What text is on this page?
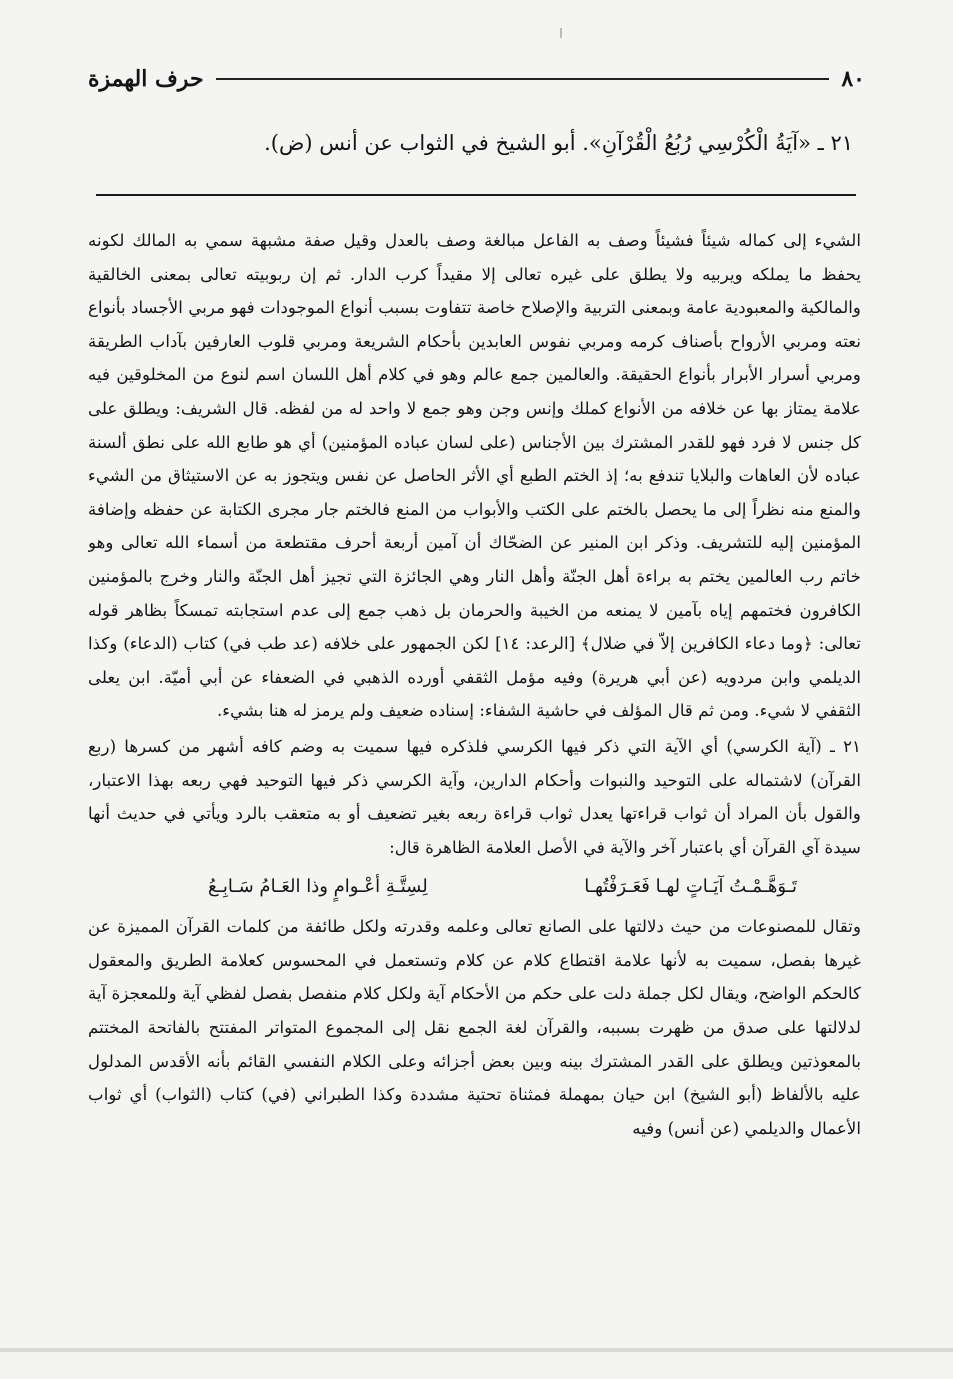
٨٠
حرف الهمزة
٢١ ـ «آيَةُ الْكُرْسِي رُبُعُ الْقُرْآنِ». أبو الشيخ في الثواب عن أنس (ض).

الشيء إلى كماله شيئاً فشيئاً وصف به الفاعل مبالغة وصف بالعدل وقيل صفة مشبهة سمي به المالك لكونه يحفظ ما يملكه ويربيه ولا يطلق على غيره تعالى إلا مقيداً كرب الدار. ثم إن ربوبيته تعالى بمعنى الخالقية والمالكية والمعبودية عامة وبمعنى التربية والإصلاح خاصة تتفاوت بسبب أنواع الموجودات فهو مربي الأجساد بأنواع نعته ومربي الأرواح بأصناف كرمه ومربي نفوس العابدين بأحكام الشريعة ومربي قلوب العارفين بآداب الطريقة ومربي أسرار الأبرار بأنواع الحقيقة. والعالمين جمع عالم وهو في كلام أهل اللسان اسم لنوع من المخلوقين فيه علامة يمتاز بها عن خلافه من الأنواع كملك وإنس وجن وهو جمع لا واحد له من لفظه. قال الشريف: ويطلق على كل جنس لا فرد فهو للقدر المشترك بين الأجناس (على لسان عباده المؤمنين) أي هو طابع الله على نطق ألسنة عباده لأن العاهات والبلايا تندفع به؛ إذ الختم الطبع أي الأثر الحاصل عن نفس ويتجوز به عن الاستيثاق من الشيء والمنع منه نظراً إلى ما يحصل بالختم على الكتب والأبواب من المنع فالختم جار مجرى الكتابة عن حفظه وإضافة المؤمنين إليه للتشريف. وذكر ابن المنير عن الضحّاك أن آمين أربعة أحرف مقتطعة من أسماء الله تعالى وهو خاتم رب العالمين يختم به براءة أهل الجنّة وأهل النار وهي الجائزة التي تجيز أهل الجنّة والنار وخرج بالمؤمنين الكافرون فختمهم إياه بآمين لا يمنعه من الخيبة والحرمان بل ذهب جمع إلى عدم استجابته تمسكاً بظاهر قوله تعالى: ﴿وما دعاء الكافرين إلاّ في ضلال﴾ [الرعد: ١٤] لكن الجمهور على خلافه (عد طب في) كتاب (الدعاء) وكذا الديلمي وابن مردويه (عن أبي هريرة) وفيه مؤمل الثقفي أورده الذهبي في الضعفاء عن أبي أميّة. ابن يعلى الثقفي لا شيء. ومن ثم قال المؤلف في حاشية الشفاء: إسناده ضعيف ولم يرمز له هنا بشيء.

٢١ ـ (آية الكرسي) أي الآية التي ذكر فيها الكرسي فلذكره فيها سميت به وضم كافه أشهر من كسرها (ربع القرآن) لاشتماله على التوحيد والنبوات وأحكام الدارين، وآية الكرسي ذكر فيها التوحيد فهي ربعه بهذا الاعتبار، والقول بأن المراد أن ثواب قراءتها يعدل ثواب قراءة ربعه بغير تضعيف أو به متعقب بالرد ويأتي في حديث أنها سيدة آي القرآن أي باعتبار آخر والآية في الأصل العلامة الظاهرة قال:

تَـوَهَّـمْـتُ آيَـاتٍ لهـا فَعَـرَفْتُهـا
لِسِتَّـةِ أعْـوامٍ وذا العَـامُ سَـابِـعُ

وتقال للمصنوعات من حيث دلالتها على الصانع تعالى وعلمه وقدرته ولكل طائفة من كلمات القرآن المميزة عن غيرها بفصل، سميت به لأنها علامة اقتطاع كلام عن كلام وتستعمل في المحسوس كعلامة الطريق والمعقول كالحكم الواضح، ويقال لكل جملة دلت على حكم من الأحكام آية ولكل كلام منفصل بفصل لفظي آية وللمعجزة آية لدلالتها على صدق من ظهرت بسببه، والقرآن لغة الجمع نقل إلى المجموع المتواتر المفتتح بالفاتحة المختتم بالمعوذتين ويطلق على القدر المشترك بينه وبين بعض أجزائه وعلى الكلام النفسي القائم بأنه الأقدس المدلول عليه بالألفاظ (أبو الشيخ) ابن حيان بمهملة فمثناة تحتية مشددة وكذا الطبراني (في) كتاب (الثواب) أي ثواب الأعمال والديلمي (عن أنس) وفيه
